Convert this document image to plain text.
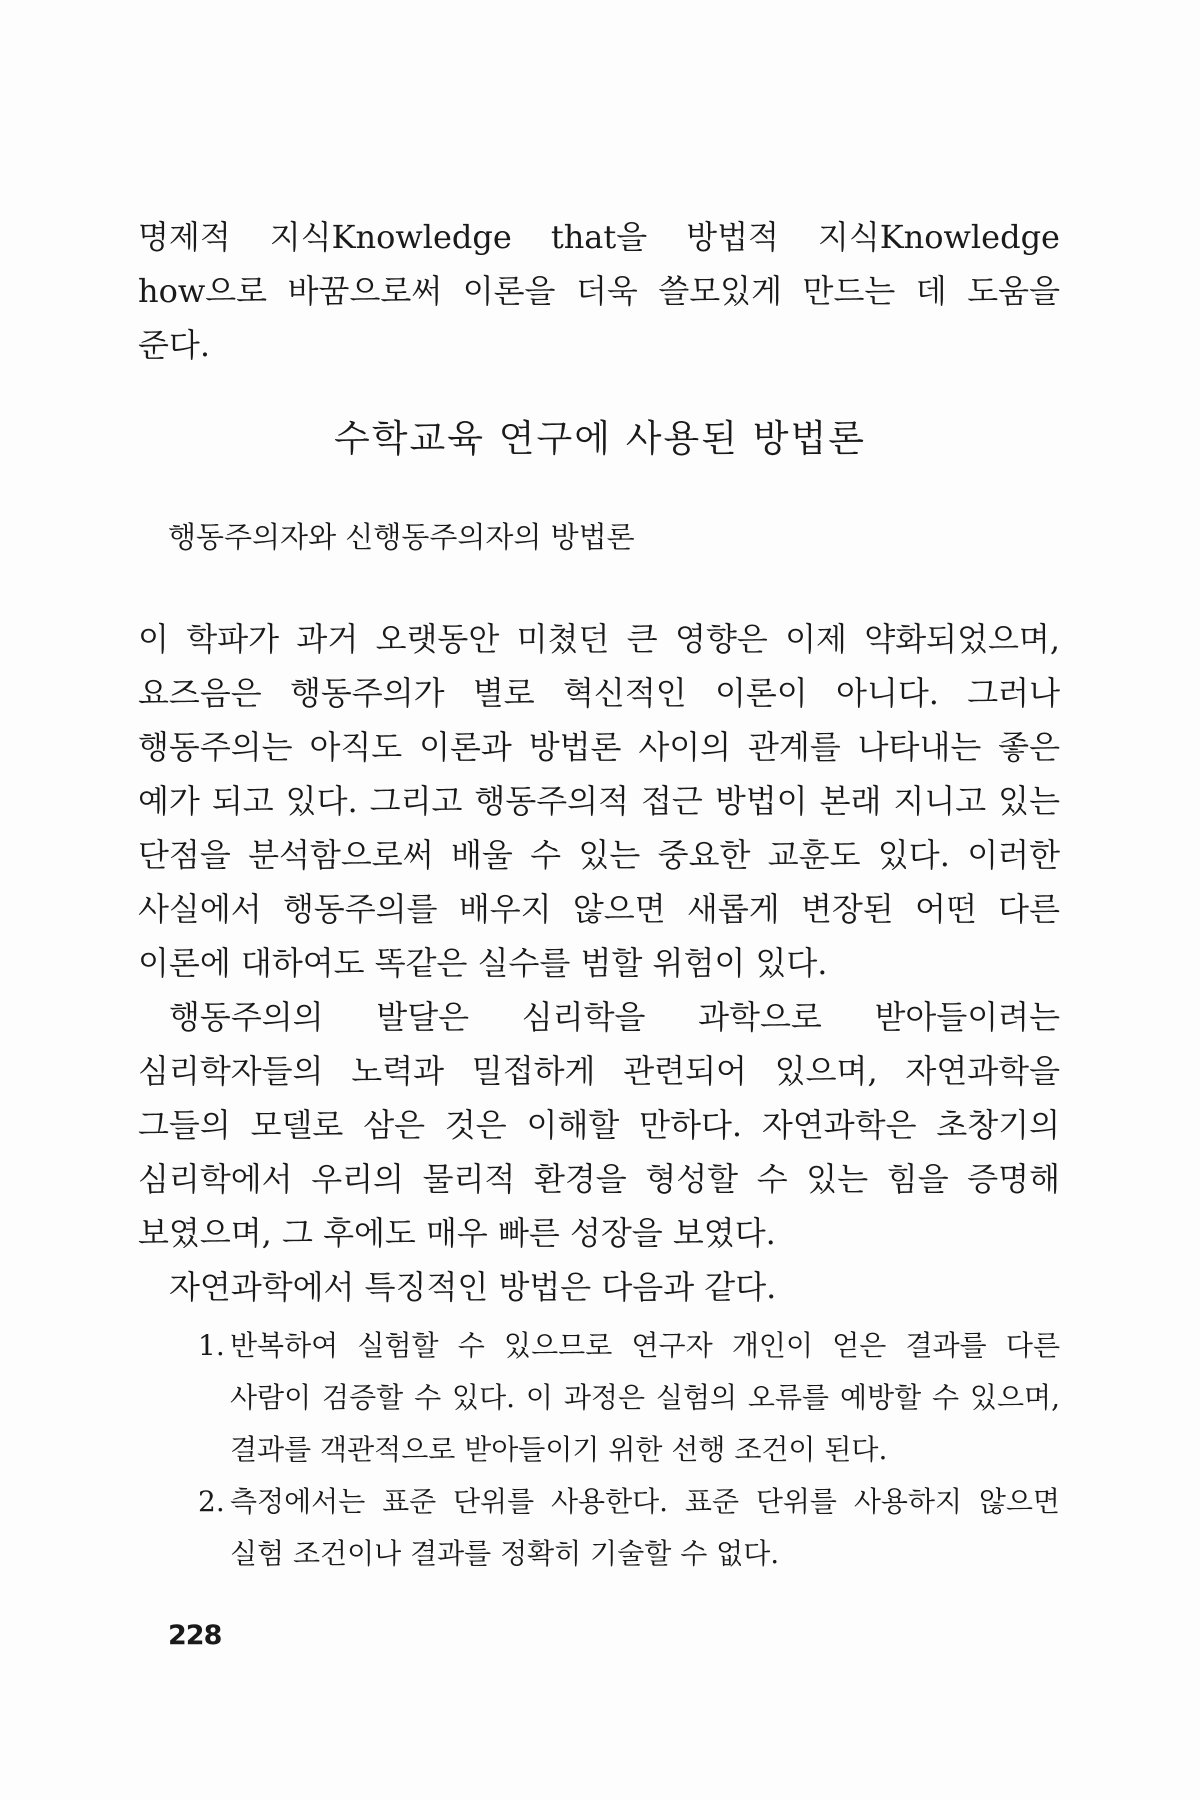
명제적 지식Knowledge that을 방법적 지식Knowledge how으로 바꿈으로써 이론을 더욱 쓸모있게 만드는 데 도움을 준다.

수학교육 연구에 사용된 방법론
행동주의자와 신행동주의자의 방법론

이 학파가 과거 오랫동안 미쳤던 큰 영향은 이제 약화되었으며, 요즈음은 행동주의가 별로 혁신적인 이론이 아니다. 그러나 행동주의는 아직도 이론과 방법론 사이의 관계를 나타내는 좋은 예가 되고 있다. 그리고 행동주의적 접근 방법이 본래 지니고 있는 단점을 분석함으로써 배울 수 있는 중요한 교훈도 있다. 이러한 사실에서 행동주의를 배우지 않으면 새롭게 변장된 어떤 다른 이론에 대하여도 똑같은 실수를 범할 위험이 있다.

행동주의의 발달은 심리학을 과학으로 받아들이려는 심리학자들의 노력과 밀접하게 관련되어 있으며, 자연과학을 그들의 모델로 삼은 것은 이해할 만하다. 자연과학은 초창기의 심리학에서 우리의 물리적 환경을 형성할 수 있는 힘을 증명해 보였으며, 그 후에도 매우 빠른 성장을 보였다.

자연과학에서 특징적인 방법은 다음과 같다.

1. 반복하여 실험할 수 있으므로 연구자 개인이 얻은 결과를 다른 사람이 검증할 수 있다. 이 과정은 실험의 오류를 예방할 수 있으며, 결과를 객관적으로 받아들이기 위한 선행 조건이 된다.
2. 측정에서는 표준 단위를 사용한다. 표준 단위를 사용하지 않으면 실험 조건이나 결과를 정확히 기술할 수 없다.
228
